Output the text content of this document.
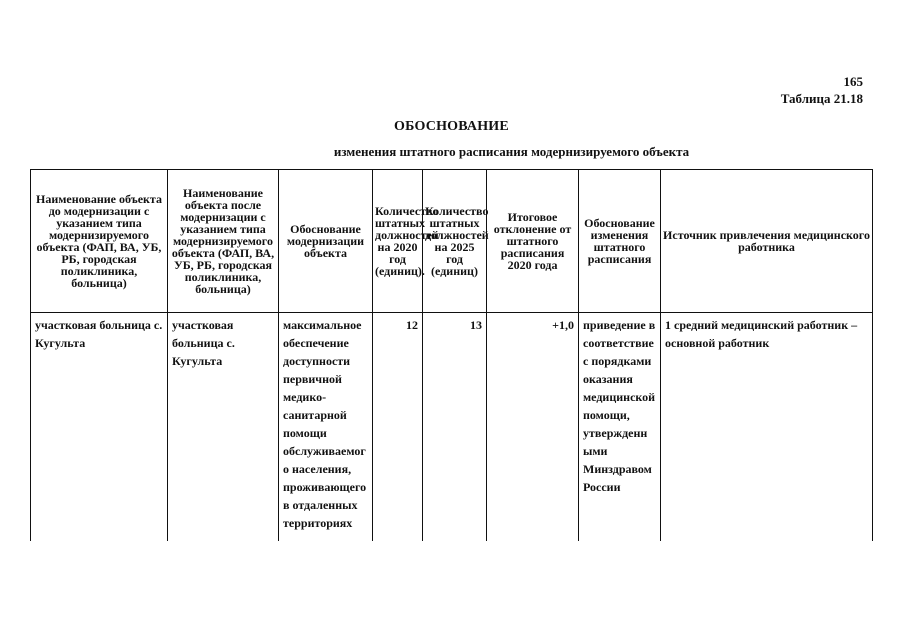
165
Таблица 21.18
ОБОСНОВАНИЕ
изменения штатного расписания модернизируемого объекта
Наименование объекта до модернизации с указанием типа модернизируемого объекта (ФАП, ВА, УБ, РБ, городская поликлиника, больница)	Наименование объекта после модернизации с указанием типа модернизируемого объекта (ФАП, ВА, УБ, РБ, городская поликлиника, больница)	Обоснование модернизации объекта	Количество штатных должностей на 2020 год (единиц).	Количество штатных должностей на 2025 год (единиц)	Итоговое отклонение от штатного расписания 2020 года	Обоснование изменения штатного расписания	Источник привлечения медицинского работника
участковая больница с. Кугульта	участковая больница с. Кугульта	максимальное обеспечение доступности первичной медико-санитарной помощи обслуживаемого населения, проживающего в отдаленных территориях	12	13	+1,0	приведение в соответствие с порядками оказания медицинской помощи, утвержденными Минздравом России	1 средний медицинский работник – основной работник
